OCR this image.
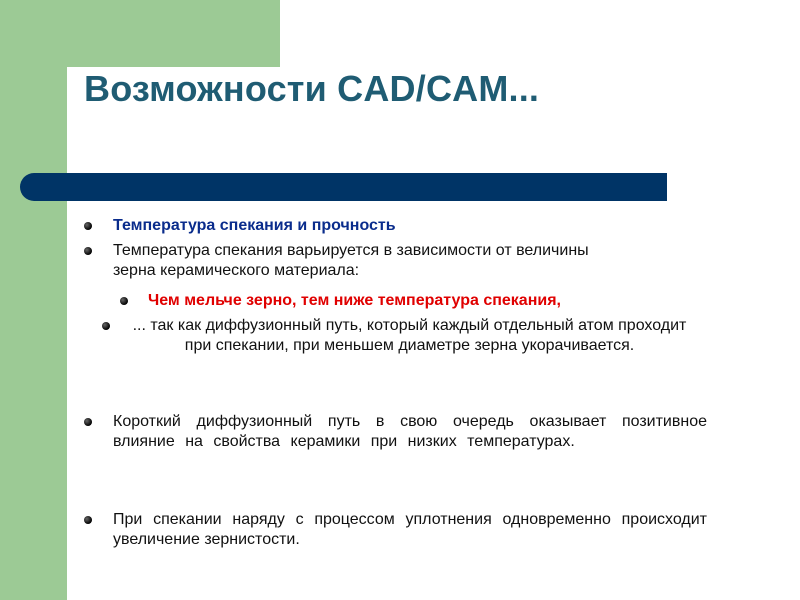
Возможности CAD/CAM...
Температура спекания и прочность
Температура спекания варьируется в зависимости от величины зерна керамического материала:
Чем мельче зерно, тем ниже температура спекания,
... так как диффузионный путь, который каждый отдельный атом проходит при спекании, при меньшем диаметре зерна укорачивается.
Короткий диффузионный путь в свою очередь оказывает позитивное влияние на свойства керамики при низких температурах.
При спекании наряду с процессом уплотнения одновременно происходит увеличение зернистости.
